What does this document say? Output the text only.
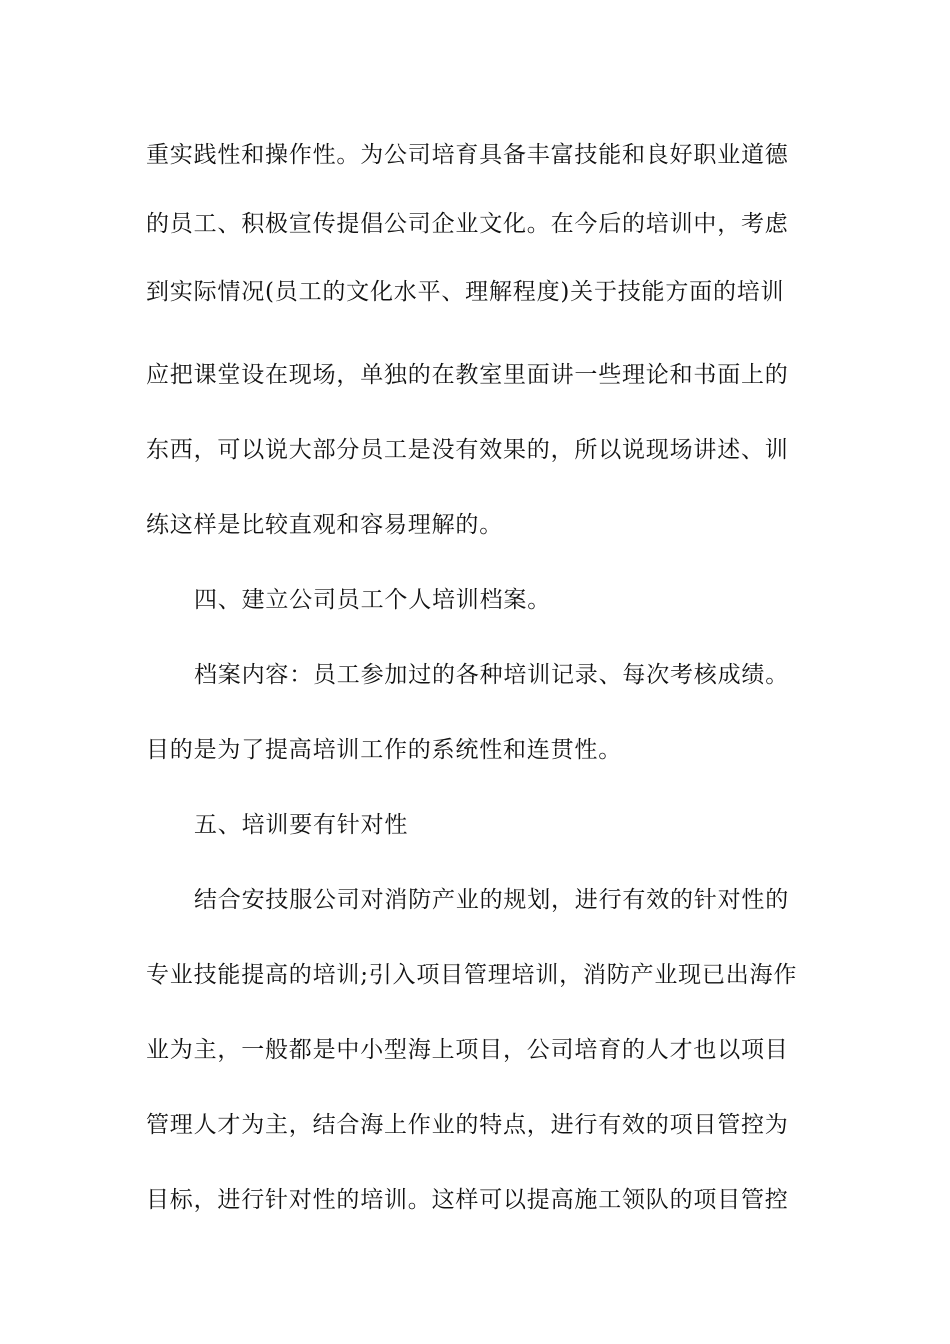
重实践性和操作性。为公司培育具备丰富技能和良好职业道德
的员工、积极宣传提倡公司企业文化。在今后的培训中，考虑
到实际情况(员工的文化水平、理解程度)关于技能方面的培训
应把课堂设在现场，单独的在教室里面讲一些理论和书面上的
东西，可以说大部分员工是没有效果的，所以说现场讲述、训
练这样是比较直观和容易理解的。
四、建立公司员工个人培训档案。
档案内容：员工参加过的各种培训记录、每次考核成绩。
目的是为了提高培训工作的系统性和连贯性。
五、培训要有针对性
结合安技服公司对消防产业的规划，进行有效的针对性的
专业技能提高的培训;引入项目管理培训，消防产业现已出海作
业为主，一般都是中小型海上项目，公司培育的人才也以项目
管理人才为主，结合海上作业的特点，进行有效的项目管控为
目标，进行针对性的培训。这样可以提高施工领队的项目管控
